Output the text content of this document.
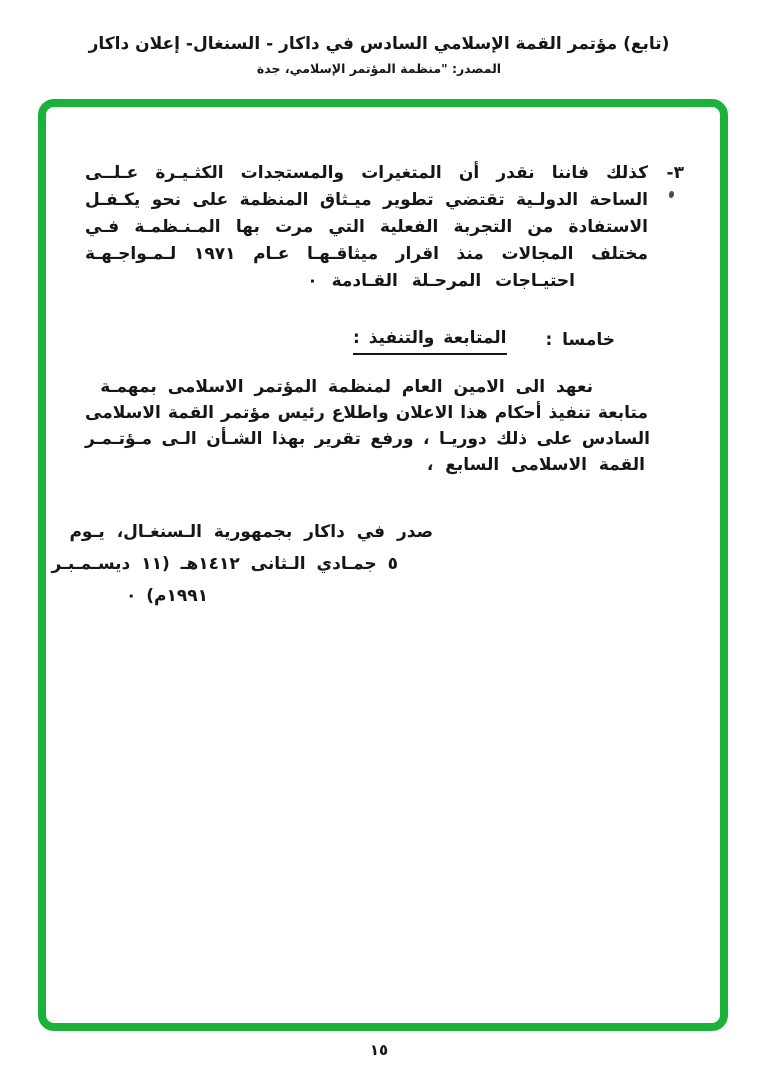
(تابع) مؤتمر القمة الإسلامي السادس في داكار - السنغال- إعلان داكار
المصدر: "منظمة المؤتمر الإسلامي، جدة
٣-
كذلك فاننا نقدر أن المتغيرات والمستجدات الكثـيـرة عـلــى
الساحة الدولـية تقتضي تطوير ميـثاق المنظمة على نحو يكـفـل
الاستفادة من التجربة الفعلية التي مرت بها المـنـظمـة فـي
مختلف المجالات منذ اقرار ميثاقـهـا عـام ١٩٧١ لـمـواجـهـة
احتيـاجات المرحـلة القـادمة ٠
خامسا :
المتابعة والتنفيذ :
نعهد الى الامين العام لمنظمة المؤتمر الاسلامى بمهمـة
متابعة تنفيذ أحكام هذا الاعلان واطلاع رئيس مؤتمر القمة الاسلامى
السادس على ذلك دوريـا ، ورفع تقرير بهذا الشـأن الـى مـؤتـمـر
القمة الاسلامى السابع ،
صدر في داكار بجمهورية الـسنغـال، يـوم
٥ جمـادي الـثانى ١٤١٢هـ (١١ ديسـمـبـر
١٩٩١م) ٠
١٥
